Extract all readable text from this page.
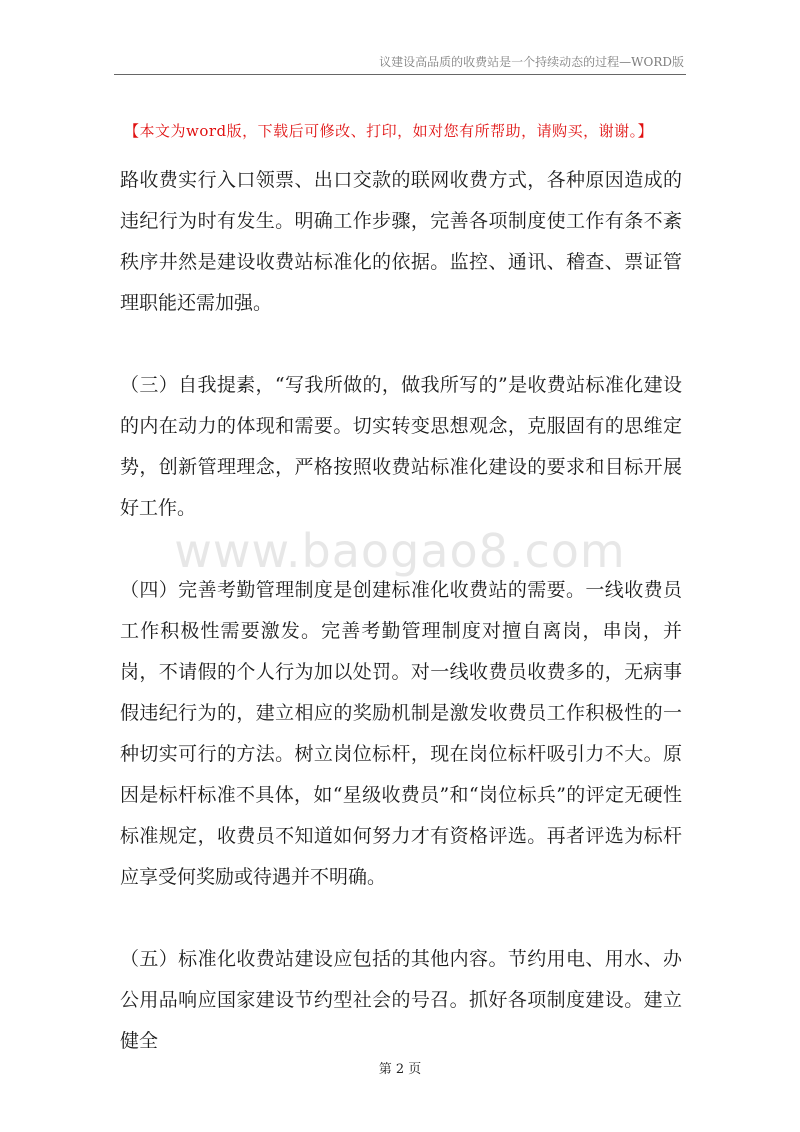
议建设高品质的收费站是一个持续动态的过程—WORD版
【本文为word版，下载后可修改、打印，如对您有所帮助，请购买，谢谢。】

路收费实行入口领票、出口交款的联网收费方式，各种原因造成的违纪行为时有发生。明确工作步骤，完善各项制度使工作有条不紊秩序井然是建设收费站标准化的依据。监控、通讯、稽查、票证管理职能还需加强。

（三）自我提素，“写我所做的，做我所写的”是收费站标准化建设的内在动力的体现和需要。切实转变思想观念，克服固有的思维定势，创新管理理念，严格按照收费站标准化建设的要求和目标开展好工作。

（四）完善考勤管理制度是创建标准化收费站的需要。一线收费员工作积极性需要激发。完善考勤管理制度对擅自离岗，串岗，并岗，不请假的个人行为加以处罚。对一线收费员收费多的，无病事假违纪行为的，建立相应的奖励机制是激发收费员工作积极性的一种切实可行的方法。树立岗位标杆，现在岗位标杆吸引力不大。原因是标杆标准不具体，如“星级收费员”和“岗位标兵”的评定无硬性标准规定，收费员不知道如何努力才有资格评选。再者评选为标杆应享受何奖励或待遇并不明确。

（五）标准化收费站建设应包括的其他内容。节约用电、用水、办公用品响应国家建设节约型社会的号召。抓好各项制度建设。建立健全

www.baogao8.com
第 2 页
